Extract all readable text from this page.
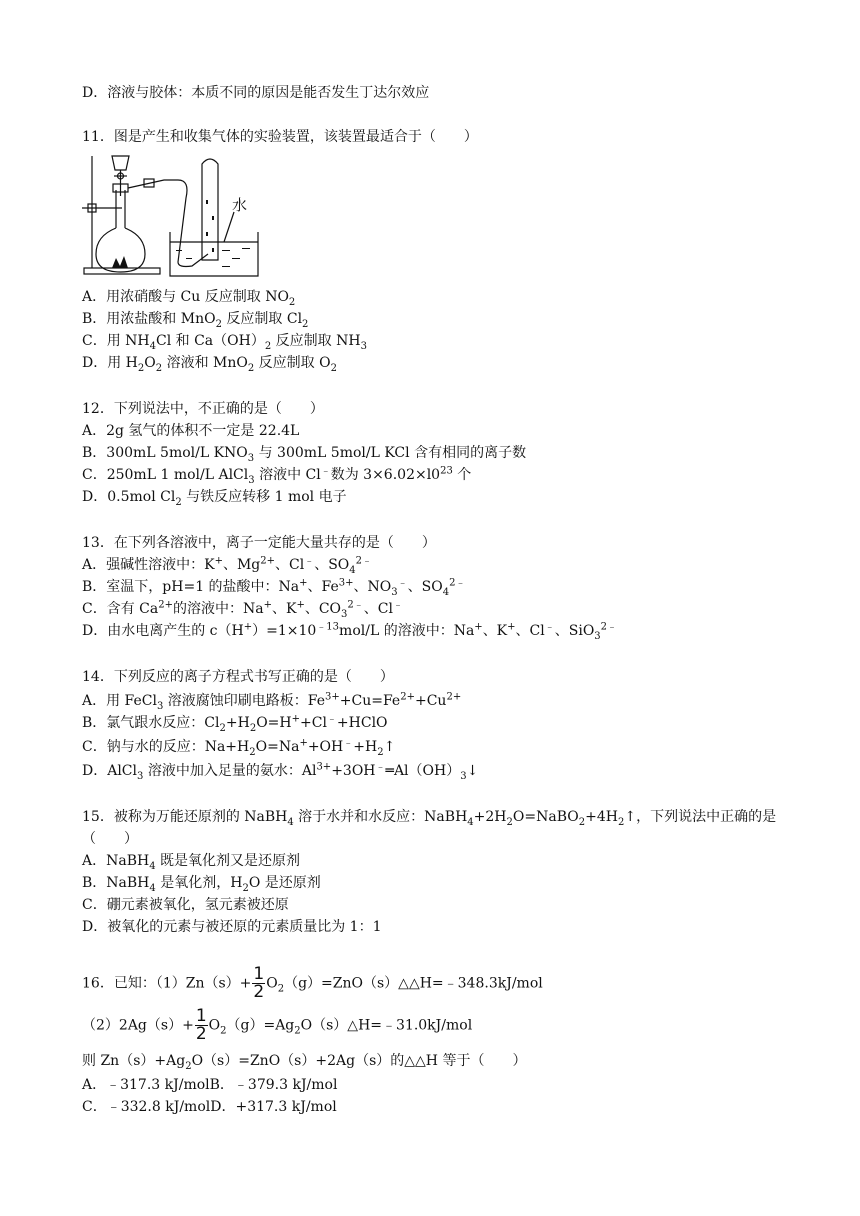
D．溶液与胶体：本质不同的原因是能否发生丁达尔效应
11．图是产生和收集气体的实验装置，该装置最适合于（　　）
水
A．用浓硝酸与 Cu 反应制取 $NO_2$
B．用浓盐酸和 MnO$_2$ 反应制取 $Cl_2$
C．用 $NH_4Cl$ 和 $Ca(OH)_2$ 反应制取 $NH_3$
D．用 $H_2O_2$ 溶液和 MnO$_2$ 反应制取 $O_2$
12．下列说法中，不正确的是（　　）
A．2g 氢气的体积不一定是 22.4L
B．300mL 5mol/L $KNO_3$ 与 300mL 5mol/L KCl 含有相同的离子数
C．250mL 1 mol/L AlCl$_3$ 溶液中 Cl﹣数为 $3\times 6.02\times l0^{23}$ 个
D．0.5mol $Cl_2$ 与铁反应转移 1 mol 电子
13．在下列各溶液中，离子一定能大量共存的是（　　）
A．强碱性溶液中：K+、$Mg^{2+}$、Cl﹣、$SO_4^{2﹣}$
B．室温下，pH=1 的盐酸中：Na+、$Fe^{3+}$、$NO_3^﹣$、$SO_4^{2﹣}$
C．含有 $Ca^{2+}$的溶液中：Na+、K+、$CO_3^{2﹣}$、Cl﹣
D．由水电离产生的 $c(H^+)=1\times 10^{﹣13}mol/L$ 的溶液中：Na+、K+、Cl﹣、SiO$_3^{2﹣}$
14．下列反应的离子方程式书写正确的是（　　）
A．用 FeCl$_3$ 溶液腐蚀印刷电路板：$Fe^{3+}+Cu=Fe^{2+}+Cu^{2+}$
B．氯气跟水反应：$Cl_2+H_2O=H^++Cl^﹣+HClO$
C．钠与水的反应：$Na+H_2O=Na^++OH^﹣+H_2↑$
D．AlCl$_3$ 溶液中加入足量的氨水：$Al^{3+}+3OH^﹣═Al(OH)_3↓$
15．被称为万能还原剂的 NaBH$_4$ 溶于水并和水反应：$NaBH_4+2H_2O=NaBO_2+4H_2↑$，下列说法中正确的是
（　　）
A．NaBH$_4$ 既是氧化剂又是还原剂
B．NaBH$_4$ 是氧化剂，$H_2O$ 是还原剂
C．硼元素被氧化，氢元素被还原
D．被氧化的元素与被还原的元素质量比为 1：1
16．已知：$(1)Zn(s)+ \frac{1}{2}$ $O_2(g)=ZnO(s)\triangle\triangle H=﹣348.3kJ$/mol
$(2)2Ag(s)+ \frac{1}{2}$ $O_2(g)=Ag_2O(s)\triangle H=﹣31.0kJ$/mol
则 $Zn(s)+Ag_2O(s)=ZnO(s)+2Ag(s)$的△△H 等于（　　）
A．﹣317.3 kJ/molB．﹣379.3 kJ/mol
C．﹣332.8 kJ/molD．+317.3 kJ/mol
